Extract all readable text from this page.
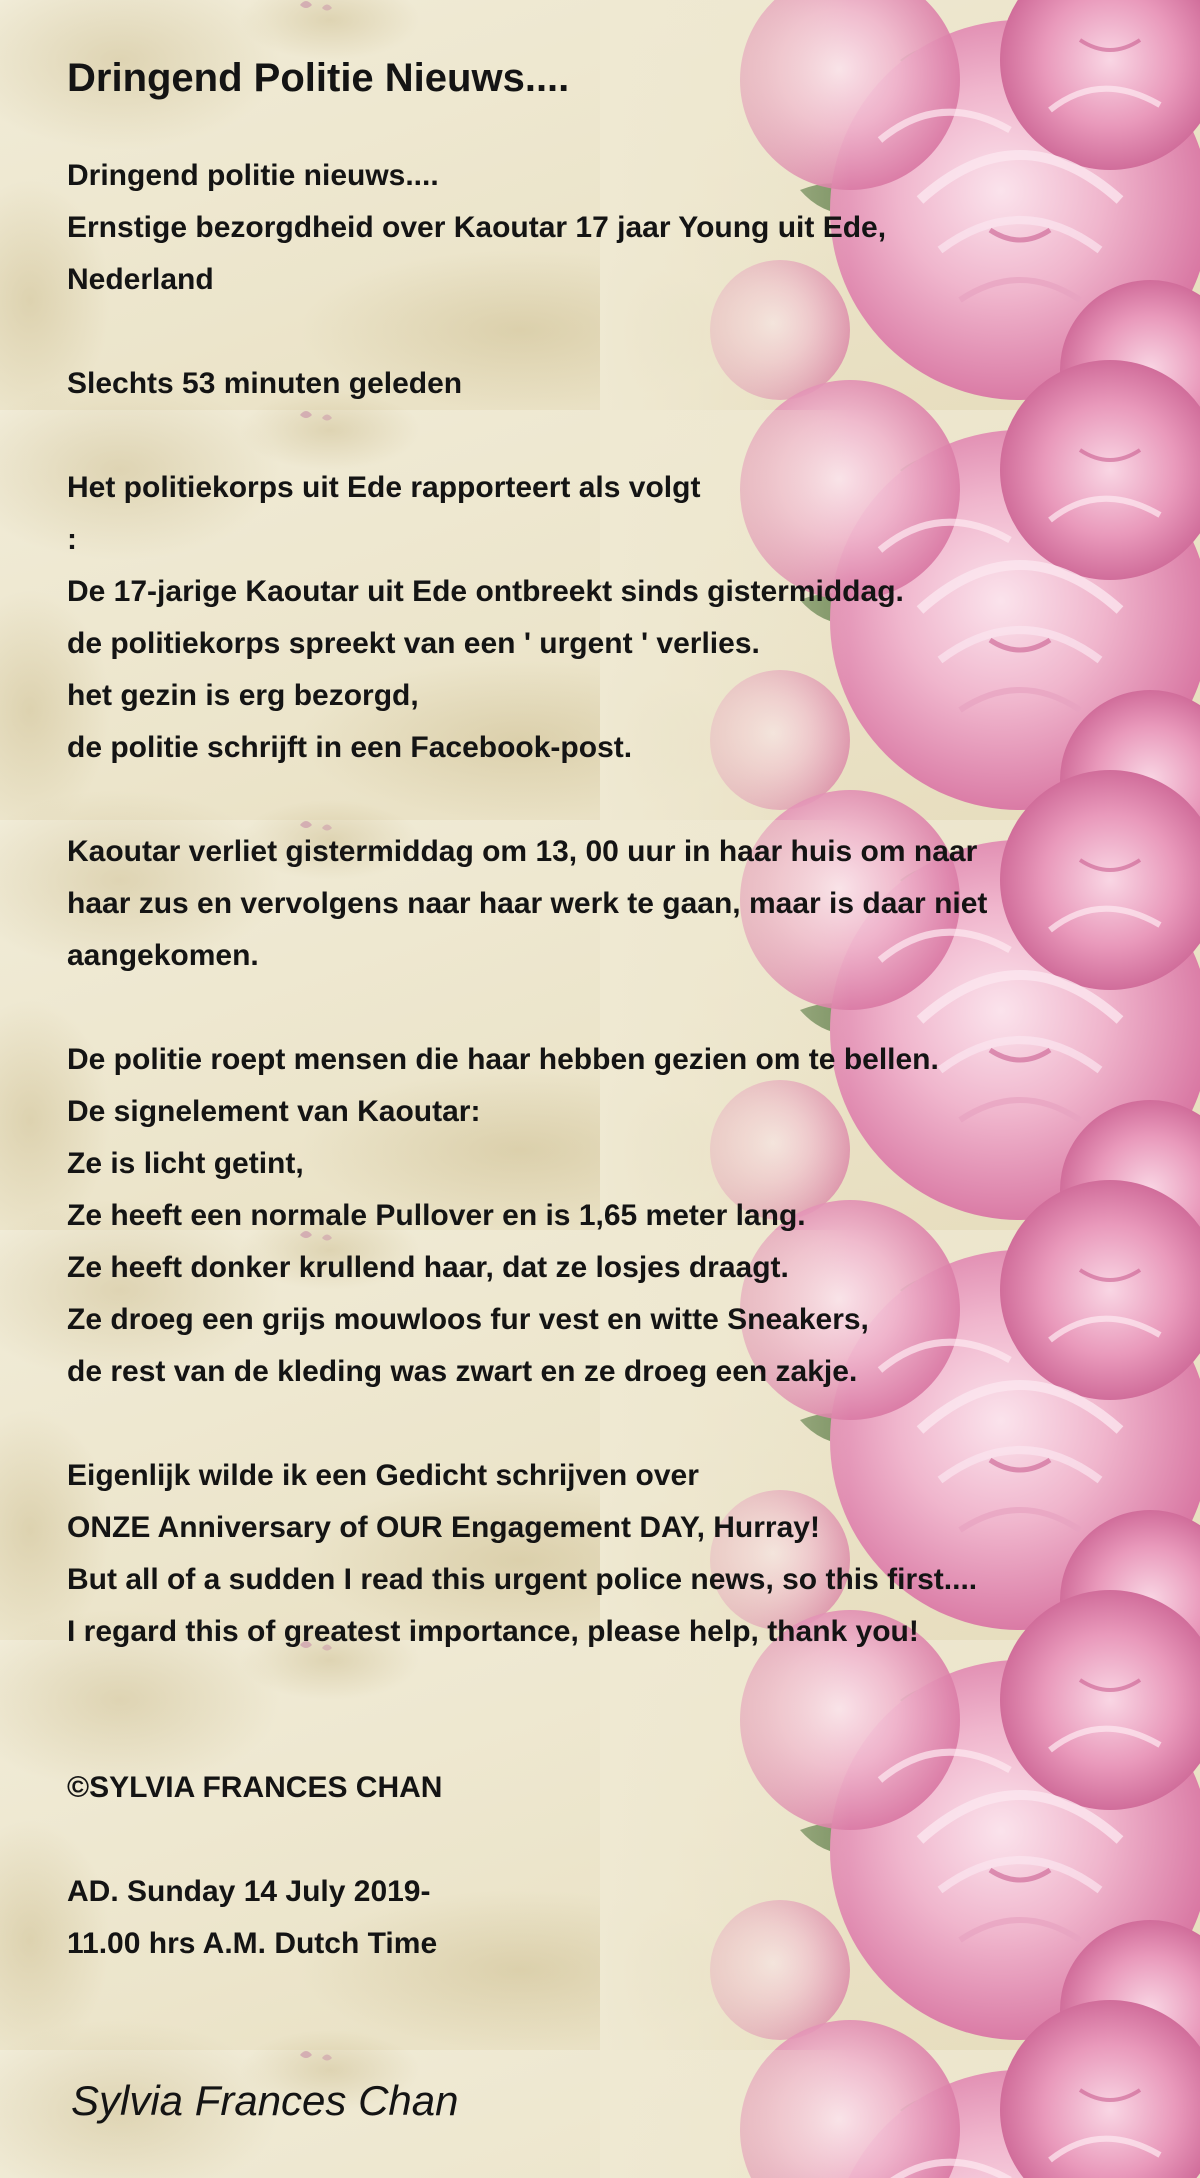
Dringend Politie Nieuws....
Dringend politie nieuws....
Ernstige bezorgdheid over Kaoutar 17 jaar Young uit Ede,
Nederland
Slechts 53 minuten geleden
Het politiekorps uit Ede rapporteert als volgt
:
De 17-jarige Kaoutar uit Ede ontbreekt sinds gistermiddag.
de politiekorps spreekt van een ' urgent ' verlies.
het gezin is erg bezorgd,
de politie schrijft in een Facebook-post.
Kaoutar verliet gistermiddag om 13, 00 uur in haar huis om naar
haar zus en vervolgens naar haar werk te gaan, maar is daar niet
aangekomen.
De politie roept mensen die haar hebben gezien om te bellen.
De signelement van Kaoutar:
Ze is licht getint,
Ze heeft een normale Pullover en is 1,65 meter lang.
Ze heeft donker krullend haar, dat ze losjes draagt.
Ze droeg een grijs mouwloos fur vest en witte Sneakers,
de rest van de kleding was zwart en ze droeg een zakje.
Eigenlijk wilde ik een Gedicht schrijven over
ONZE Anniversary of OUR Engagement DAY, Hurray!
But all of a sudden I read this urgent police news, so this first....
I regard this of greatest importance, please help, thank you!
©SYLVIA FRANCES CHAN
AD. Sunday 14 July 2019-
11.00 hrs A.M. Dutch Time
Sylvia Frances Chan
